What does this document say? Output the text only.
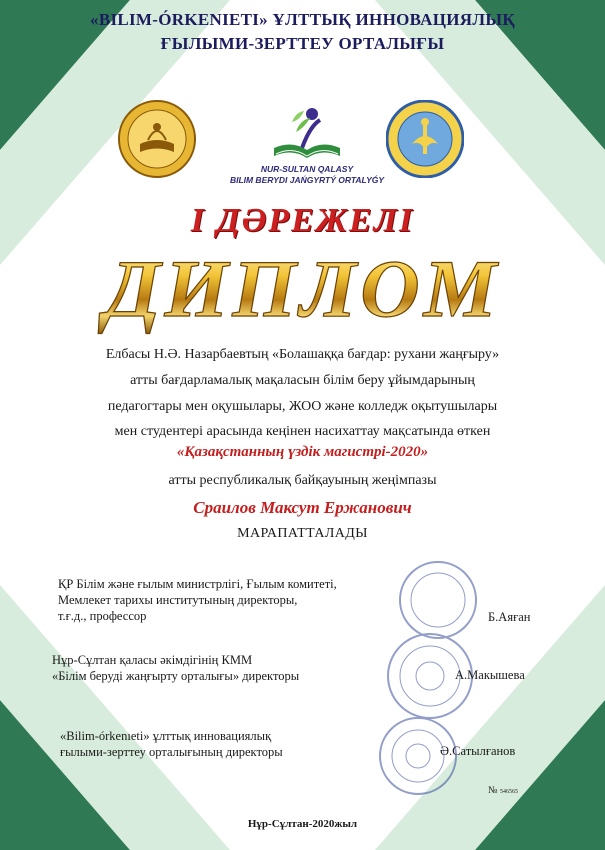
«BILIM-ÓRKENIETI» ҰЛТТЫҚ ИННОВАЦИЯЛЫҚ
ҒЫЛЫМИ-ЗЕРТТЕУ ОРТАЛЫҒЫ
NUR-SULTAN QALASY
BILIM BERYDI JAŃGYRTÝ ORTALYǴY
І ДӘРЕЖЕЛІ
ДИПЛОМ
Елбасы Н.Ә. Назарбаевтың «Болашаққа бағдар: рухани жаңғыру»
атты бағдарламалық мақаласын білім беру ұйымдарының
педагогтары мен оқушылары, ЖОО және колледж оқытушылары
мен студентері арасында кеңінен насихаттау мақсатында өткен
«Қазақстанның үздік магистрі-2020»
атты республикалық байқауының жеңімпазы
Сраилов Максут Ержанович
МАРАПАТТАЛАДЫ
ҚР Білім және ғылым министрлігі, Ғылым комитеті,
Мемлекет тарихы институтының директоры,
т.ғ.д., профессор	Б.Аяған
Нұр-Сұлтан қаласы әкімдігінің КММ
«Білім беруді жаңғырту орталығы» директоры	А.Макышева
«Bilim-órkenıeti» ұлттық инновациялық
ғылыми-зерттеу орталығының директоры	Ә.Сатылғанов
№ 546565
Нұр-Сұлтан-2020жыл
